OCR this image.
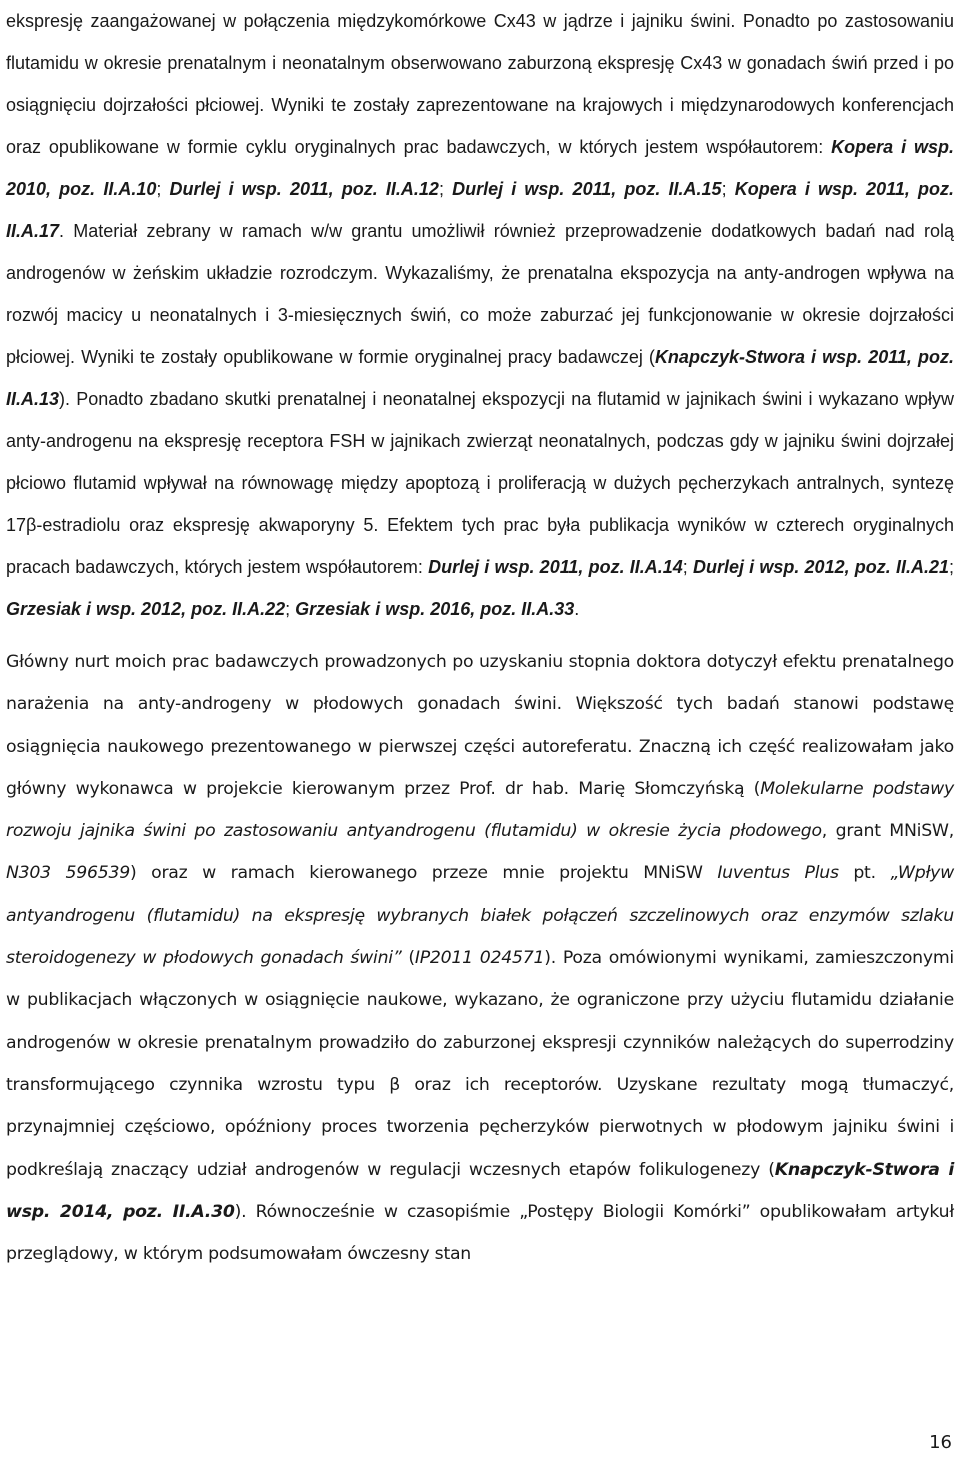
ekspresję zaangażowanej w połączenia międzykomórkowe Cx43 w jądrze i jajniku świni. Ponadto po zastosowaniu flutamidu w okresie prenatalnym i neonatalnym obserwowano zaburzoną ekspresję Cx43 w gonadach świń przed i po osiągnięciu dojrzałości płciowej. Wyniki te zostały zaprezentowane na krajowych i międzynarodowych konferencjach oraz opublikowane w formie cyklu oryginalnych prac badawczych, w których jestem współautorem: Kopera i wsp. 2010, poz. II.A.10; Durlej i wsp. 2011, poz. II.A.12; Durlej i wsp. 2011, poz. II.A.15; Kopera i wsp. 2011, poz. II.A.17. Materiał zebrany w ramach w/w grantu umożliwił również przeprowadzenie dodatkowych badań nad rolą androgenów w żeńskim układzie rozrodczym. Wykazaliśmy, że prenatalna ekspozycja na anty-androgen wpływa na rozwój macicy u neonatalnych i 3-miesięcznych świń, co może zaburzać jej funkcjonowanie w okresie dojrzałości płciowej. Wyniki te zostały opublikowane w formie oryginalnej pracy badawczej (Knapczyk-Stwora i wsp. 2011, poz. II.A.13). Ponadto zbadano skutki prenatalnej i neonatalnej ekspozycji na flutamid w jajnikach świni i wykazano wpływ anty-androgenu na ekspresję receptora FSH w jajnikach zwierząt neonatalnych, podczas gdy w jajniku świni dojrzałej płciowo flutamid wpływał na równowagę między apoptozą i proliferacją w dużych pęcherzykach antralnych, syntezę 17β-estradiolu oraz ekspresję akwaporyny 5. Efektem tych prac była publikacja wyników w czterech oryginalnych pracach badawczych, których jestem współautorem: Durlej i wsp. 2011, poz. II.A.14; Durlej i wsp. 2012, poz. II.A.21; Grzesiak i wsp. 2012, poz. II.A.22; Grzesiak i wsp. 2016, poz. II.A.33.

Główny nurt moich prac badawczych prowadzonych po uzyskaniu stopnia doktora dotyczył efektu prenatalnego narażenia na anty-androgeny w płodowych gonadach świni. Większość tych badań stanowi podstawę osiągnięcia naukowego prezentowanego w pierwszej części autoreferatu. Znaczną ich część realizowałam jako główny wykonawca w projekcie kierowanym przez Prof. dr hab. Marię Słomczyńską (Molekularne podstawy rozwoju jajnika świni po zastosowaniu antyandrogenu (flutamidu) w okresie życia płodowego, grant MNiSW, N303 596539) oraz w ramach kierowanego przeze mnie projektu MNiSW Iuventus Plus pt. „Wpływ antyandrogenu (flutamidu) na ekspresję wybranych białek połączeń szczelinowych oraz enzymów szlaku steroidogenezy w płodowych gonadach świni” (IP2011 024571). Poza omówionymi wynikami, zamieszczonymi w publikacjach włączonych w osiągnięcie naukowe, wykazano, że ograniczone przy użyciu flutamidu działanie androgenów w okresie prenatalnym prowadziło do zaburzonej ekspresji czynników należących do superrodziny transformującego czynnika wzrostu typu β oraz ich receptorów. Uzyskane rezultaty mogą tłumaczyć, przynajmniej częściowo, opóźniony proces tworzenia pęcherzyków pierwotnych w płodowym jajniku świni i podkreślają znaczący udział androgenów w regulacji wczesnych etapów folikulogenezy (Knapczyk-Stwora i wsp. 2014, poz. II.A.30). Równocześnie w czasopiśmie „Postępy Biologii Komórki” opublikowałam artykuł przeglądowy, w którym podsumowałam ówczesny stan

16
